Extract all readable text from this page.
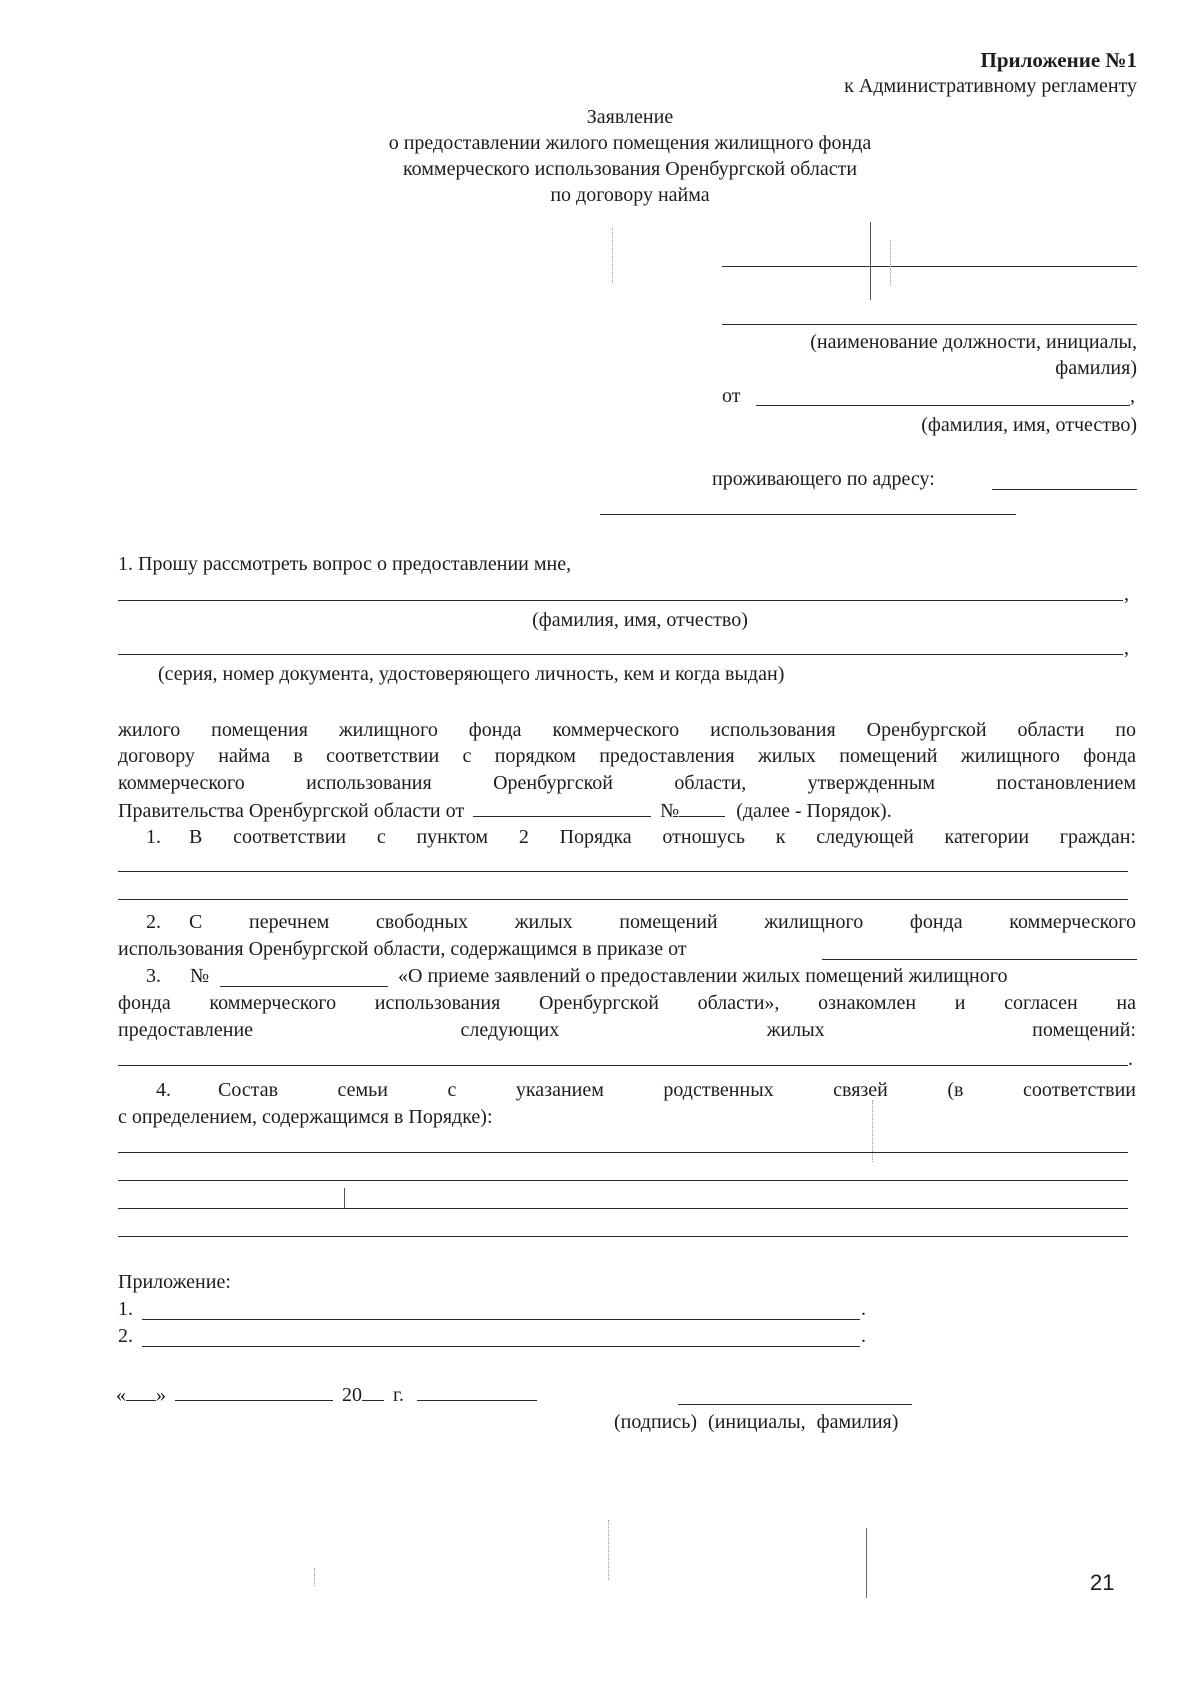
Приложение №1
к Административному регламенту
Заявление
о предоставлении жилого помещения жилищного фонда
коммерческого использования Оренбургской области
по договору найма
(наименование должности, инициалы,
фамилия)
от	,
(фамилия, имя, отчество)
проживающего по адресу:
1. Прошу рассмотреть вопрос о предоставлении мне,
,
(фамилия, имя, отчество)
,
(серия, номер документа, удостоверяющего личность, кем и когда выдан)
жилого помещения жилищного фонда коммерческого использования Оренбургской области по
договору найма в соответствии с порядком предоставления жилых помещений жилищного фонда
коммерческого использования Оренбургской области, утвержденным постановлением
Правительства Оренбургской области от	№	(далее - Порядок).
1. В соответствии с пунктом 2 Порядка отношусь к следующей категории граждан:
2. С перечнем свободных жилых помещений жилищного фонда коммерческого
использования Оренбургской области, содержащимся в приказе от
3. №	«О приеме заявлений о предоставлении жилых помещений жилищного
фонда коммерческого использования Оренбургской области», ознакомлен и согласен на
предоставление	следующих	жилых	помещений:
.
4. Состав семьи с указанием родственных связей (в соответствии
с определением, содержащимся в Порядке):
Приложение:
1.	.
2.	.
« »	20 г.
(подпись) (инициалы, фамилия)
21
